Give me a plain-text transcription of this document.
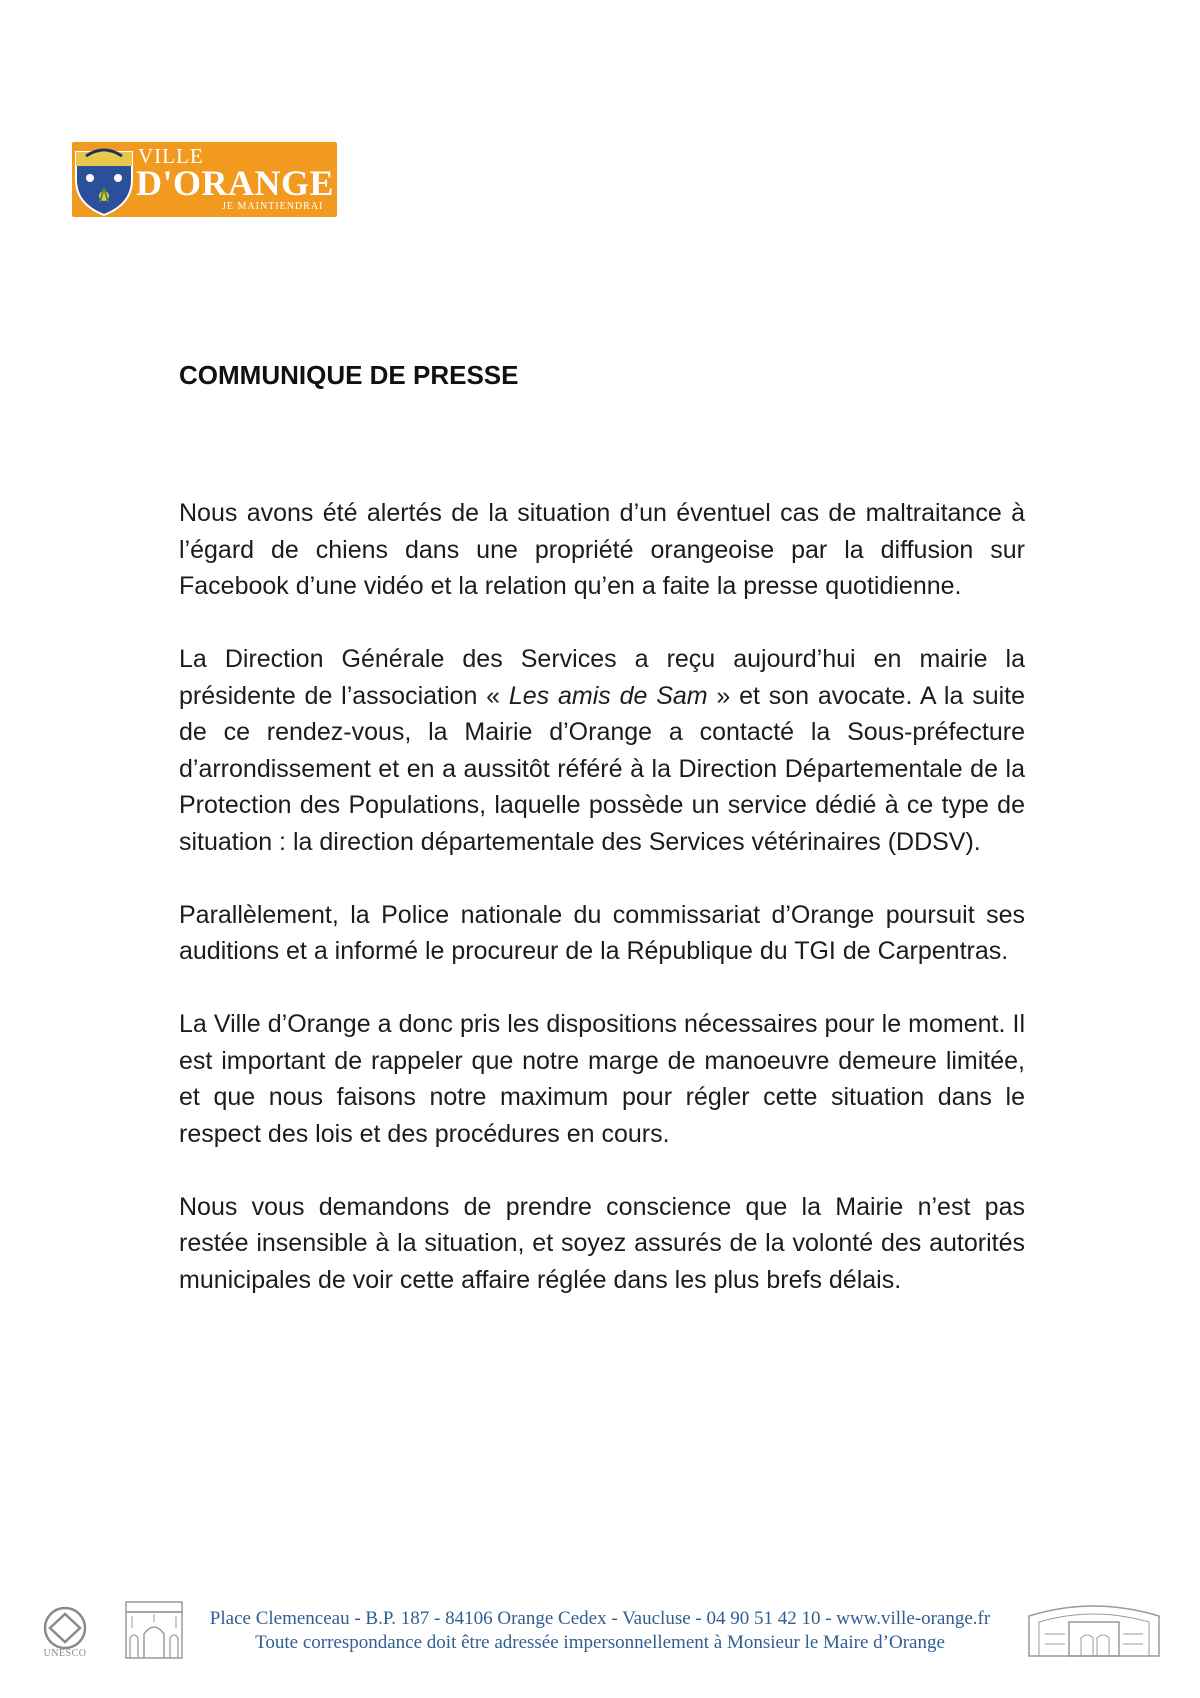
VILLE
D'ORANGE
JE MAINTIENDRAI
COMMUNIQUE DE PRESSE

Nous avons été alertés de la situation d’un éventuel cas de maltraitance à l’égard de chiens dans une propriété orangeoise par la diffusion sur Facebook d’une vidéo et la relation qu’en a faite la presse quotidienne.

La Direction Générale des Services a reçu aujourd’hui en mairie la présidente de l’association « Les amis de Sam » et son avocate. A la suite de ce rendez-vous, la Mairie d’Orange a contacté la Sous-préfecture d’arrondissement et en a aussitôt référé à la Direction Départementale de la Protection des Populations, laquelle possède un service dédié à ce type de situation : la direction départementale des Services vétérinaires (DDSV).

Parallèlement, la Police nationale du commissariat d’Orange poursuit ses auditions et a informé le procureur de la République du TGI de Carpentras.

La Ville d’Orange a donc pris les dispositions nécessaires pour le moment. Il est important de rappeler que notre marge de manoeuvre demeure limitée, et que nous faisons notre maximum pour régler cette situation dans le respect des lois et des procédures en cours.

Nous vous demandons de prendre conscience que la Mairie n’est pas restée insensible à la situation, et soyez assurés de la volonté des autorités municipales de voir cette affaire réglée dans les plus brefs délais.

UNESCO
Place Clemenceau - B.P. 187 - 84106 Orange Cedex - Vaucluse - 04 90 51 42 10 - www.ville-orange.fr
Toute correspondance doit être adressée impersonnellement à Monsieur le Maire d’Orange
